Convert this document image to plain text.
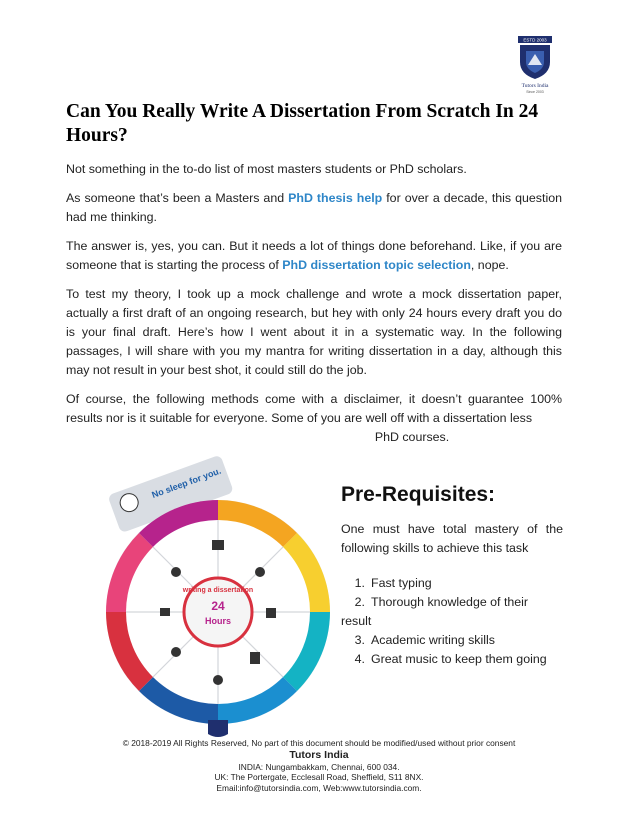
ESTD 2003
Tutors India
Since 2003
Can You Really Write A Dissertation From Scratch In 24 Hours?

Not something in the to-do list of most masters students or PhD scholars.

As someone that’s been a Masters and PhD thesis help for over a decade, this question had me thinking.

The answer is, yes, you can. But it needs a lot of things done beforehand. Like, if you are someone that is starting the process of PhD dissertation topic selection, nope.

To test my theory, I took up a mock challenge and wrote a mock dissertation paper, actually a first draft of an ongoing research, but hey with only 24 hours every draft you do is your final draft. Here’s how I went about it in a systematic way. In the following passages, I will share with you my mantra for writing dissertation in a day, although this may not result in your best shot, it could still do the job.

Of course, the following methods come with a disclaimer, it doesn’t guarantee 100% results nor is it suitable for everyone. Some of you are well off with a dissertation less

PhD courses.
No sleep for you.
24
Hours
writing a dissertation
Pre-Requisites:

One must have total mastery of the following skills to achieve this task

1. Fast typing
2. Thorough knowledge of their
result
3. Academic writing skills
4. Great music to keep them going
© 2018-2019 All Rights Reserved, No part of this document should be modified/used without prior consent
Tutors India
INDIA: Nungambakkam, Chennai, 600 034.
UK: The Portergate, Ecclesall Road, Sheffield, S11 8NX.
Email:info@tutorsindia.com, Web:www.tutorsindia.com.
